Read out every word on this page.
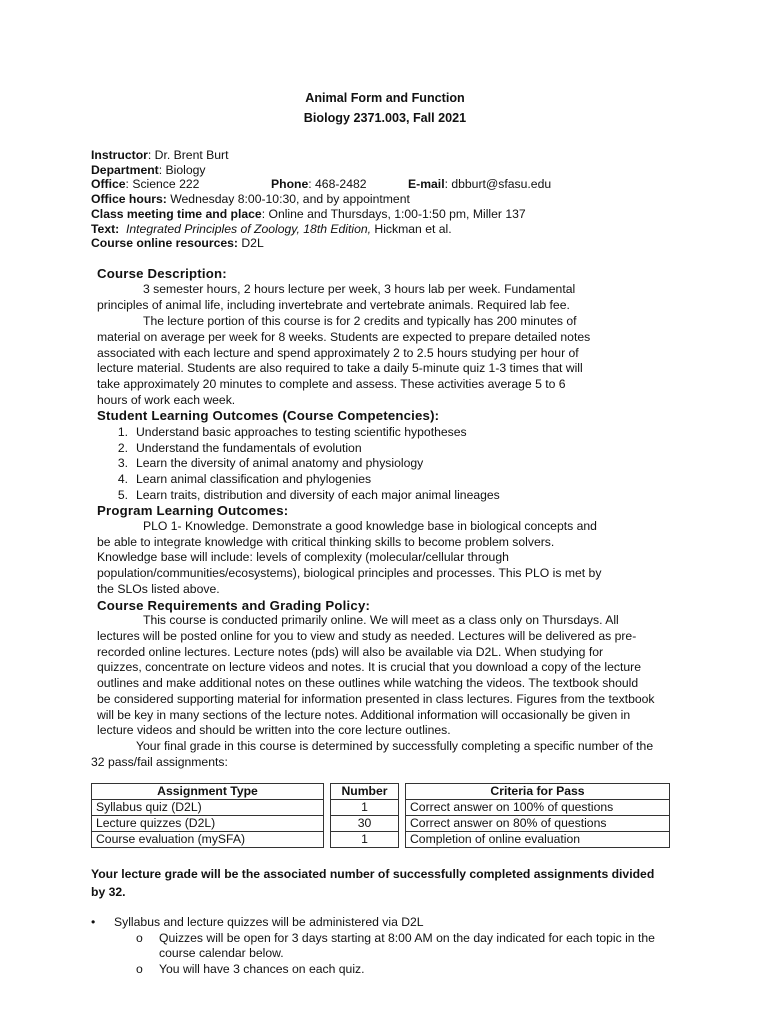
Animal Form and Function
Biology 2371.003, Fall 2021
Instructor: Dr. Brent Burt
Department: Biology
Office: Science 222	Phone: 468-2482	E-mail: dbburt@sfasu.edu
Office hours: Wednesday 8:00-10:30, and by appointment
Class meeting time and place: Online and Thursdays, 1:00-1:50 pm, Miller 137
Text: Integrated Principles of Zoology, 18th Edition, Hickman et al.
Course online resources: D2L
Course Description:
3 semester hours, 2 hours lecture per week, 3 hours lab per week. Fundamental
principles of animal life, including invertebrate and vertebrate animals. Required lab fee.
The lecture portion of this course is for 2 credits and typically has 200 minutes of
material on average per week for 8 weeks. Students are expected to prepare detailed notes
associated with each lecture and spend approximately 2 to 2.5 hours studying per hour of
lecture material. Students are also required to take a daily 5-minute quiz 1-3 times that will
take approximately 20 minutes to complete and assess. These activities average 5 to 6
hours of work each week.
Student Learning Outcomes (Course Competencies):
1. Understand basic approaches to testing scientific hypotheses
2. Understand the fundamentals of evolution
3. Learn the diversity of animal anatomy and physiology
4. Learn animal classification and phylogenies
5. Learn traits, distribution and diversity of each major animal lineages
Program Learning Outcomes:
PLO 1- Knowledge. Demonstrate a good knowledge base in biological concepts and
be able to integrate knowledge with critical thinking skills to become problem solvers.
Knowledge base will include: levels of complexity (molecular/cellular through
population/communities/ecosystems), biological principles and processes. This PLO is met by
the SLOs listed above.
Course Requirements and Grading Policy:
This course is conducted primarily online. We will meet as a class only on Thursdays. All
lectures will be posted online for you to view and study as needed. Lectures will be delivered as pre-
recorded online lectures. Lecture notes (pds) will also be available via D2L. When studying for
quizzes, concentrate on lecture videos and notes. It is crucial that you download a copy of the lecture
outlines and make additional notes on these outlines while watching the videos. The textbook should
be considered supporting material for information presented in class lectures. Figures from the textbook
will be key in many sections of the lecture notes. Additional information will occasionally be given in
lecture videos and should be written into the core lecture outlines.
Your final grade in this course is determined by successfully completing a specific number of the
32 pass/fail assignments:
Assignment Type		Number		Criteria for Pass
Syllabus quiz (D2L)		1		Correct answer on 100% of questions
Lecture quizzes (D2L)		30		Correct answer on 80% of questions
Course evaluation (mySFA)		1		Completion of online evaluation
Your lecture grade will be the associated number of successfully completed assignments divided
by 32.
• Syllabus and lecture quizzes will be administered via D2L
o Quizzes will be open for 3 days starting at 8:00 AM on the day indicated for each topic in the
course calendar below.
o You will have 3 chances on each quiz.
